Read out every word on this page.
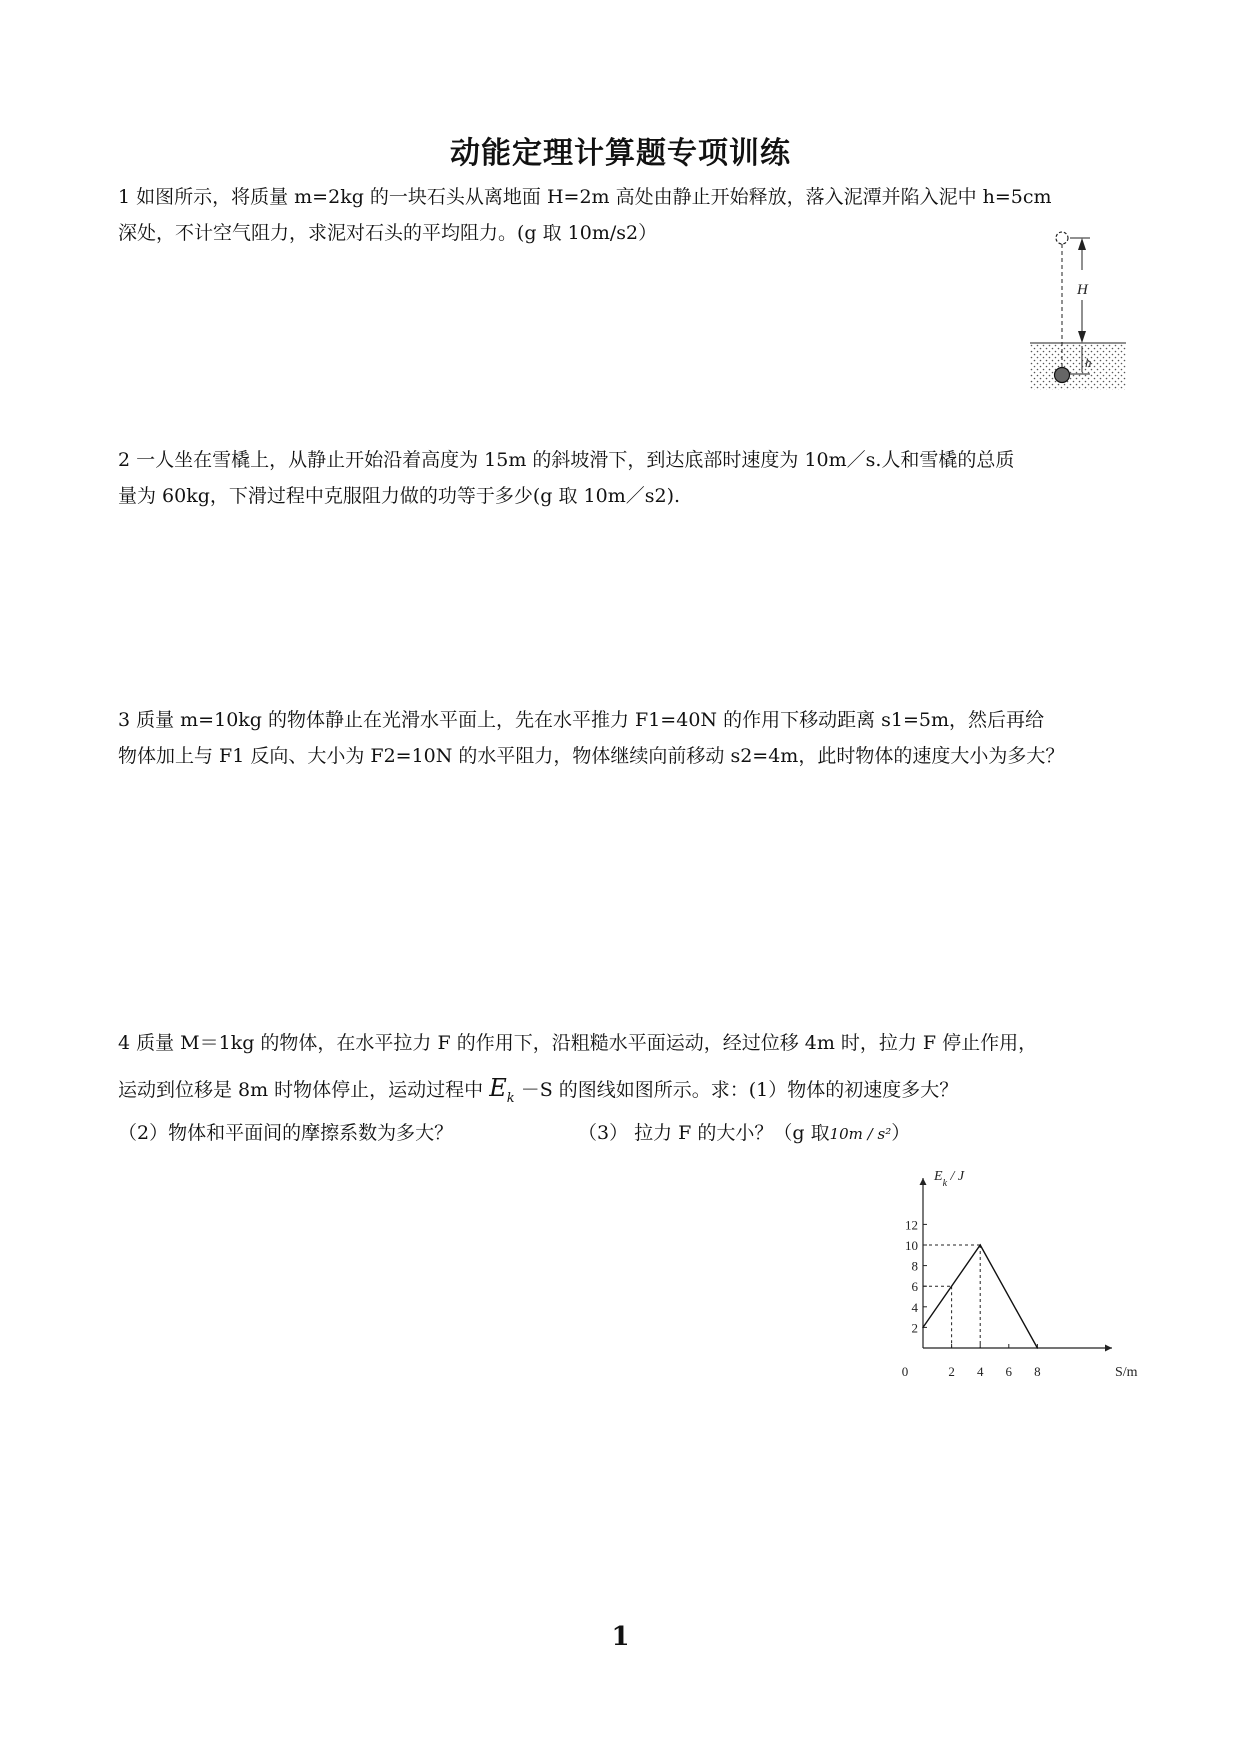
动能定理计算题专项训练
1 如图所示，将质量 m=2kg 的一块石头从离地面 H=2m 高处由静止开始释放，落入泥潭并陷入泥中 h=5cm
深处，不计空气阻力，求泥对石头的平均阻力。(g 取 10m/s2）
H
h
2 一人坐在雪橇上，从静止开始沿着高度为 15m 的斜坡滑下，到达底部时速度为 10m／s.人和雪橇的总质
量为 60kg，下滑过程中克服阻力做的功等于多少(g 取 10m／s2).
3 质量 m=10kg 的物体静止在光滑水平面上，先在水平推力 F1=40N 的作用下移动距离 s1=5m，然后再给
物体加上与 F1 反向、大小为 F2=10N 的水平阻力，物体继续向前移动 s2=4m，此时物体的速度大小为多大？
4 质量 M＝1kg 的物体，在水平拉力 F 的作用下，沿粗糙水平面运动，经过位移 4m 时，拉力 F 停止作用，
运动到位移是 8m 时物体停止，运动过程中 $E_k -S$ 的图线如图所示。求：(1）物体的初速度多大？
（2）物体和平面间的摩擦系数为多大？	（3） 拉力 F 的大小？（g 取10m / s²）
2
4
6
8
10
12
0	2 4 6 8
$E_k$ / J
S/m
1
